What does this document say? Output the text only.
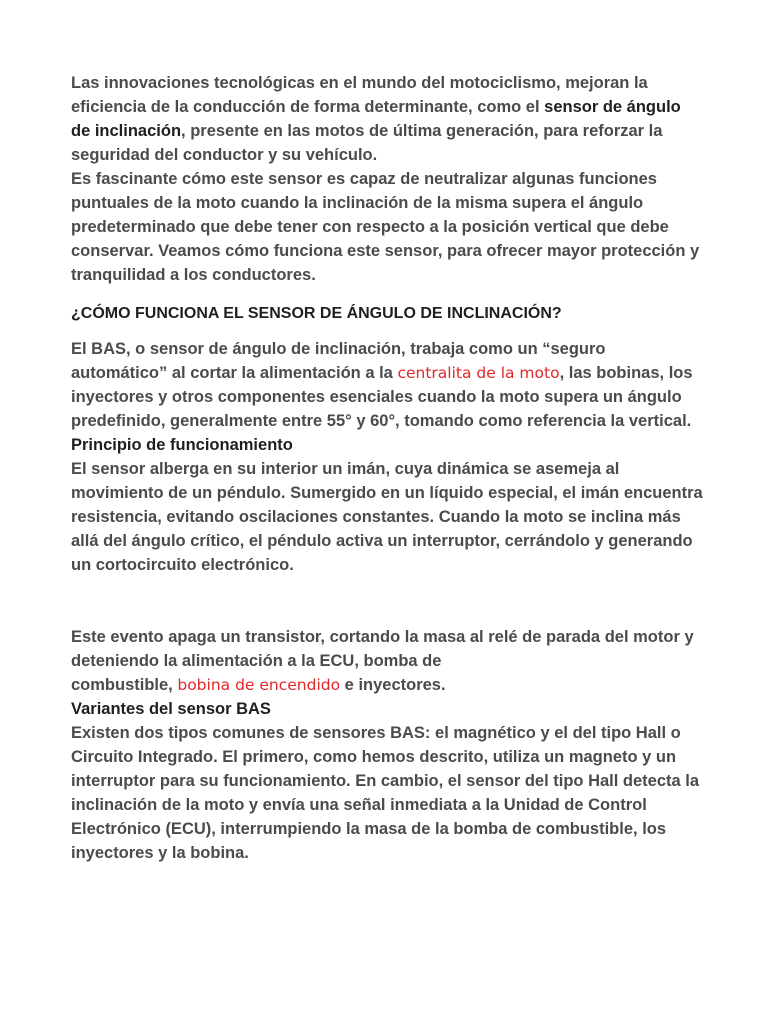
Las innovaciones tecnológicas en el mundo del motociclismo, mejoran la eficiencia de la conducción de forma determinante, como el sensor de ángulo de inclinación, presente en las motos de última generación, para reforzar la seguridad del conductor y su vehículo.

Es fascinante cómo este sensor es capaz de neutralizar algunas funciones puntuales de la moto cuando la inclinación de la misma supera el ángulo predeterminado que debe tener con respecto a la posición vertical que debe conservar. Veamos cómo funciona este sensor, para ofrecer mayor protección y tranquilidad a los conductores.

¿CÓMO FUNCIONA EL SENSOR DE ÁNGULO DE INCLINACIÓN?

El BAS, o sensor de ángulo de inclinación, trabaja como un “seguro automático” al cortar la alimentación a la centralita de la moto, las bobinas, los inyectores y otros componentes esenciales cuando la moto supera un ángulo predefinido, generalmente entre 55° y 60°, tomando como referencia la vertical.

Principio de funcionamiento

El sensor alberga en su interior un imán, cuya dinámica se asemeja al movimiento de un péndulo. Sumergido en un líquido especial, el imán encuentra resistencia, evitando oscilaciones constantes. Cuando la moto se inclina más allá del ángulo crítico, el péndulo activa un interruptor, cerrándolo y generando un cortocircuito electrónico.

Este evento apaga un transistor, cortando la masa al relé de parada del motor y deteniendo la alimentación a la ECU, bomba de
combustible, bobina de encendido e inyectores.

Variantes del sensor BAS

Existen dos tipos comunes de sensores BAS: el magnético y el del tipo Hall o Circuito Integrado. El primero, como hemos descrito, utiliza un magneto y un interruptor para su funcionamiento. En cambio, el sensor del tipo Hall detecta la inclinación de la moto y envía una señal inmediata a la Unidad de Control Electrónico (ECU), interrumpiendo la masa de la bomba de combustible, los inyectores y la bobina.
